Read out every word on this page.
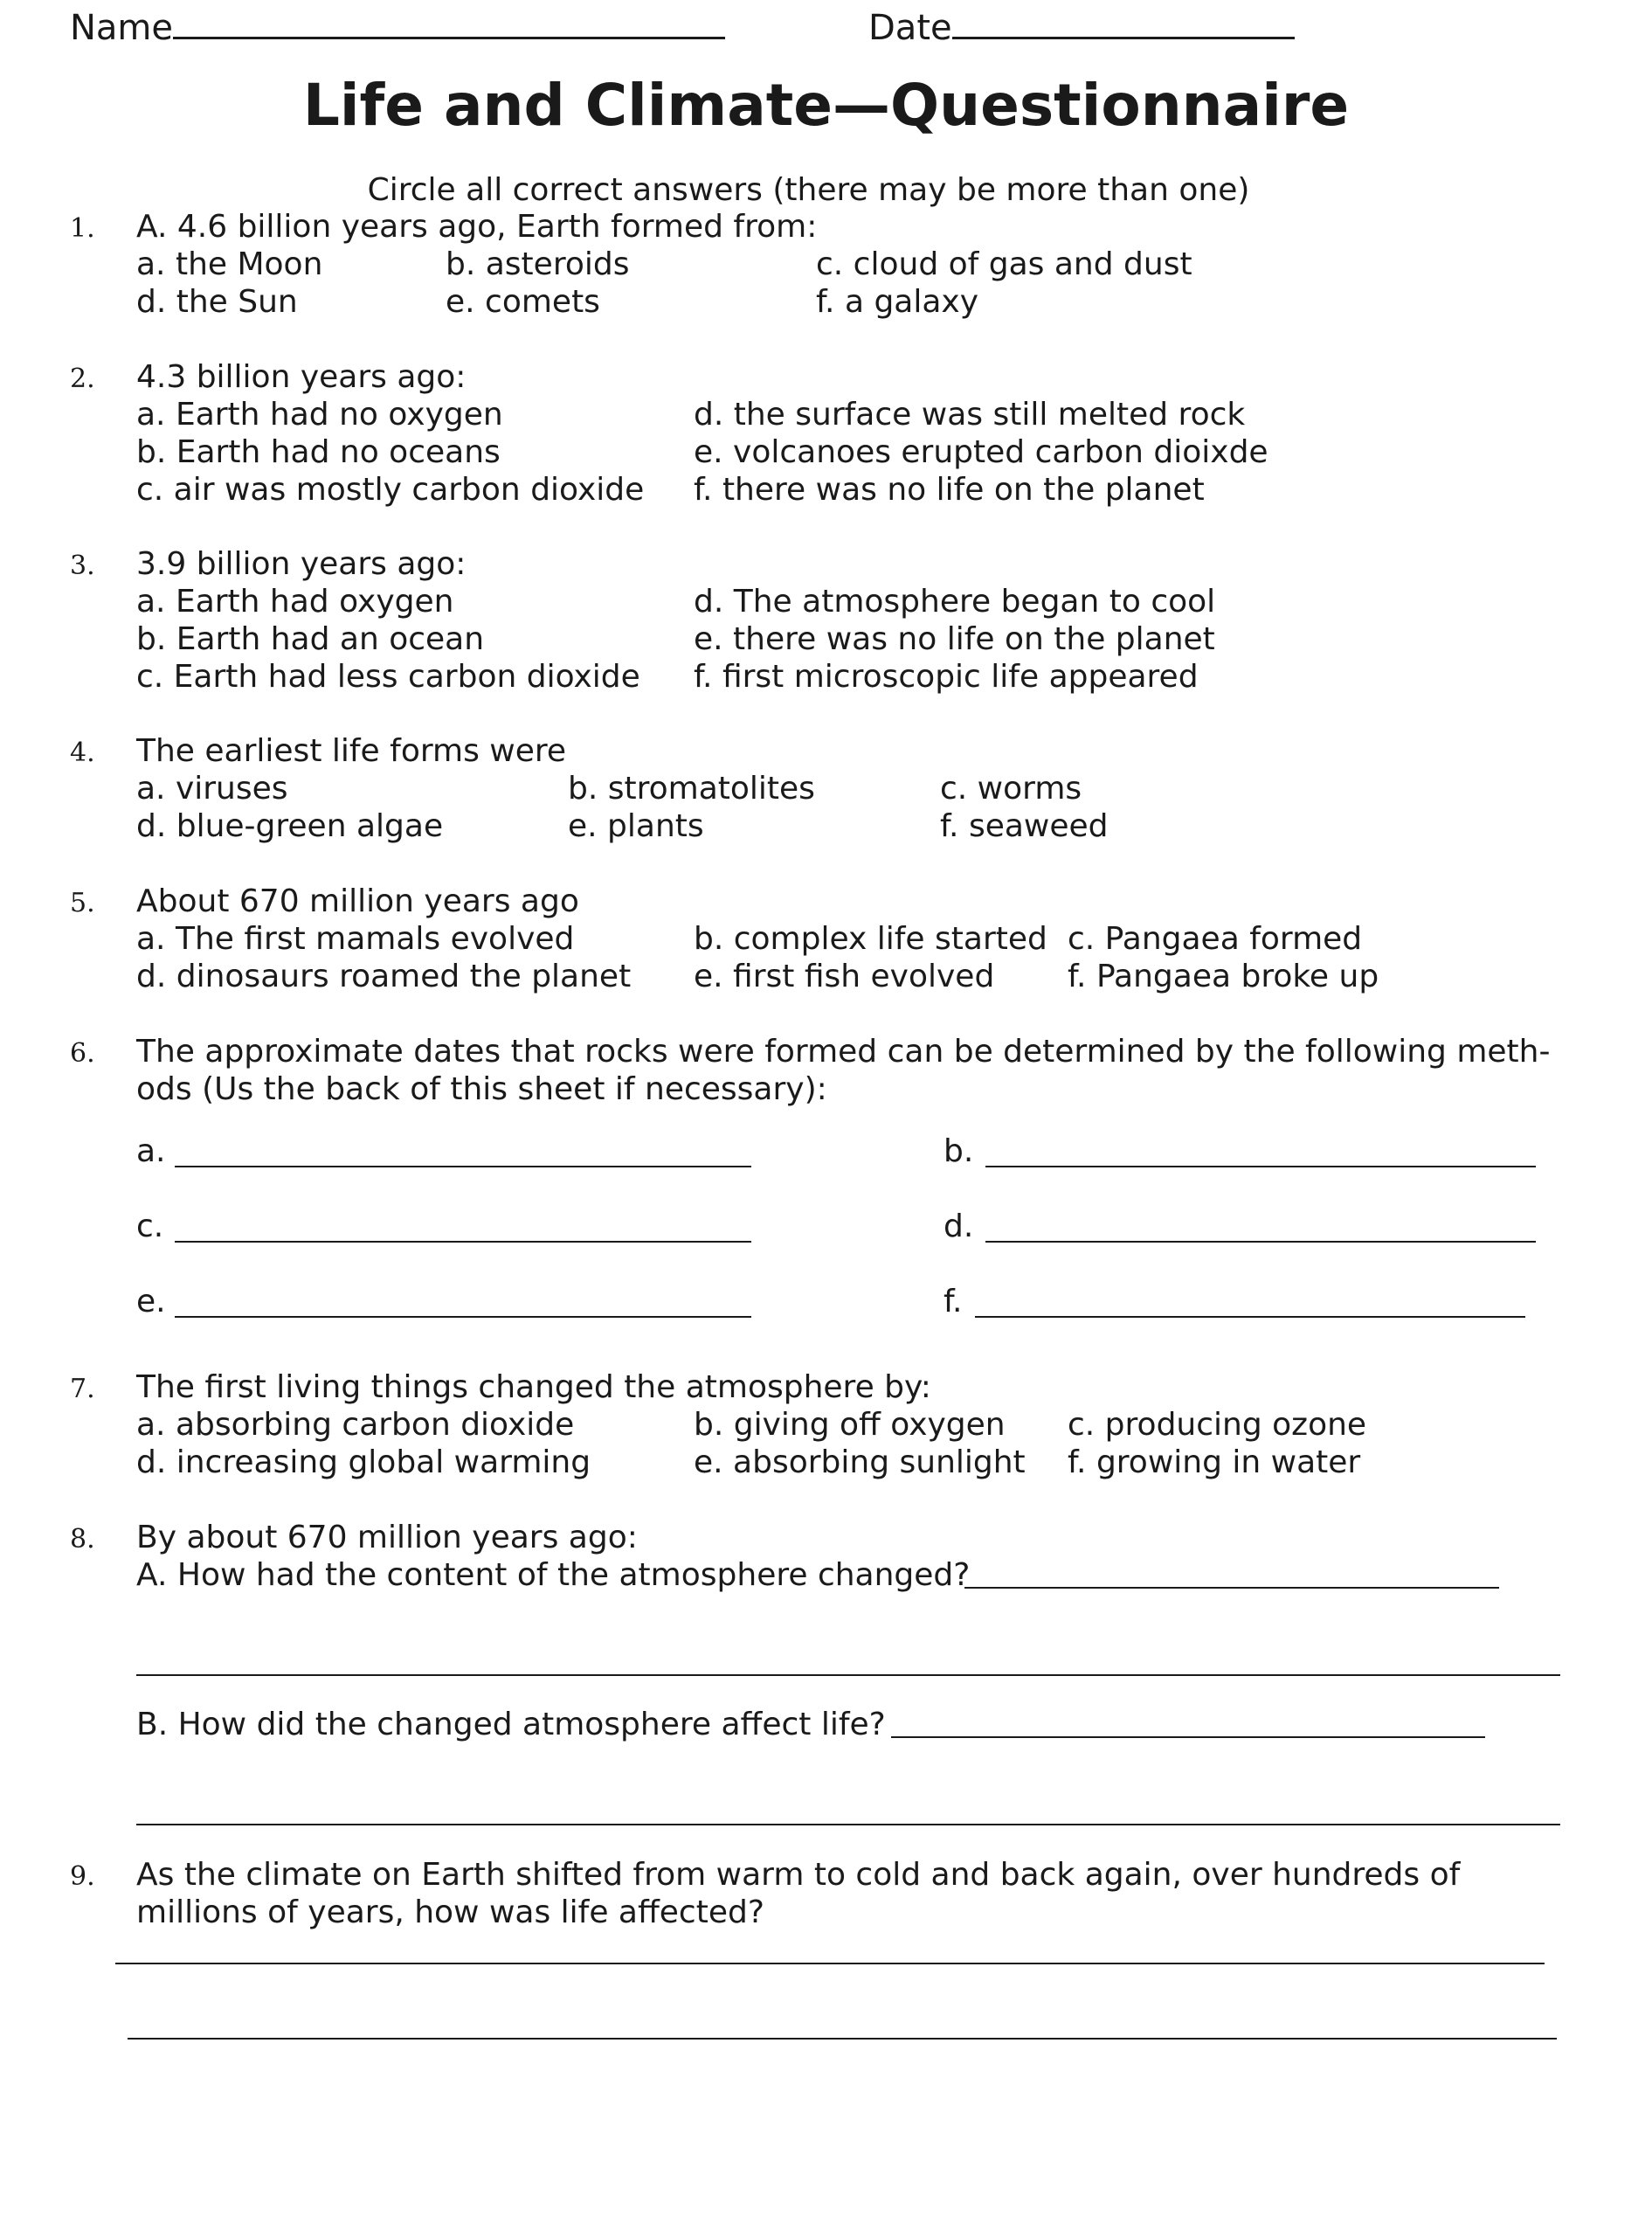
Name	Date
Life and Climate—Questionnaire
Circle all correct answers (there may be more than one)
1. A. 4.6 billion years ago, Earth formed from:
a. the Moon	b. asteroids	c. cloud of gas and dust
d. the Sun	e. comets	f. a galaxy
2. 4.3 billion years ago:
a. Earth had no oxygen	d. the surface was still melted rock
b. Earth had no oceans	e. volcanoes erupted carbon dioixde
c. air was mostly carbon dioxide f. there was no life on the planet
3. 3.9 billion years ago:
a. Earth had oxygen	d. The atmosphere began to cool
b. Earth had an ocean	e. there was no life on the planet
c. Earth had less carbon dioxide f. first microscopic life appeared
4. The earliest life forms were
a. viruses	b. stromatolites	c. worms
d. blue-green algae	e. plants	f. seaweed
5. About 670 million years ago
a. The first mamals evolved	b. complex life started c. Pangaea formed
d. dinosaurs roamed the planet e. first fish evolved f. Pangaea broke up
6. The approximate dates that rocks were formed can be determined by the following meth-ods (Us the back of this sheet if necessary):
a.	b.
c.	d.
e.	f.
7. The first living things changed the atmosphere by:
a. absorbing carbon dioxide	b. giving off oxygen c. producing ozone
d. increasing global warming	e. absorbing sunlight f. growing in water
8. By about 670 million years ago:
A. How had the content of the atmosphere changed?
B. How did the changed atmosphere affect life?
9. As the climate on Earth shifted from warm to cold and back again, over hundreds of millions of years, how was life affected?
